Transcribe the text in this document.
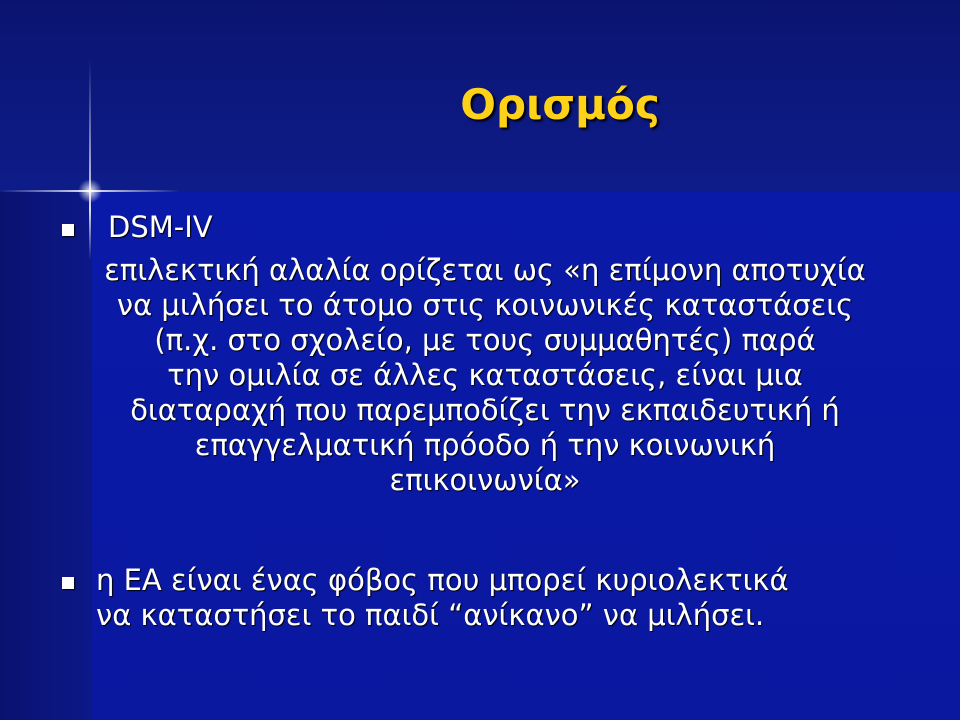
Ορισμός
DSM-IV
επιλεκτική αλαλία ορίζεται ως «η επίμονη αποτυχία
να μιλήσει το άτομο στις κοινωνικές καταστάσεις
(π.χ. στο σχολείο, με τους συμμαθητές) παρά
την ομιλία σε άλλες καταστάσεις, είναι μια
διαταραχή που παρεμποδίζει την εκπαιδευτική ή
επαγγελματική πρόοδο ή την κοινωνική
επικοινωνία»
η ΕΑ είναι ένας φόβος που μπορεί κυριολεκτικά
να καταστήσει το παιδί “ανίκανο” να μιλήσει.
